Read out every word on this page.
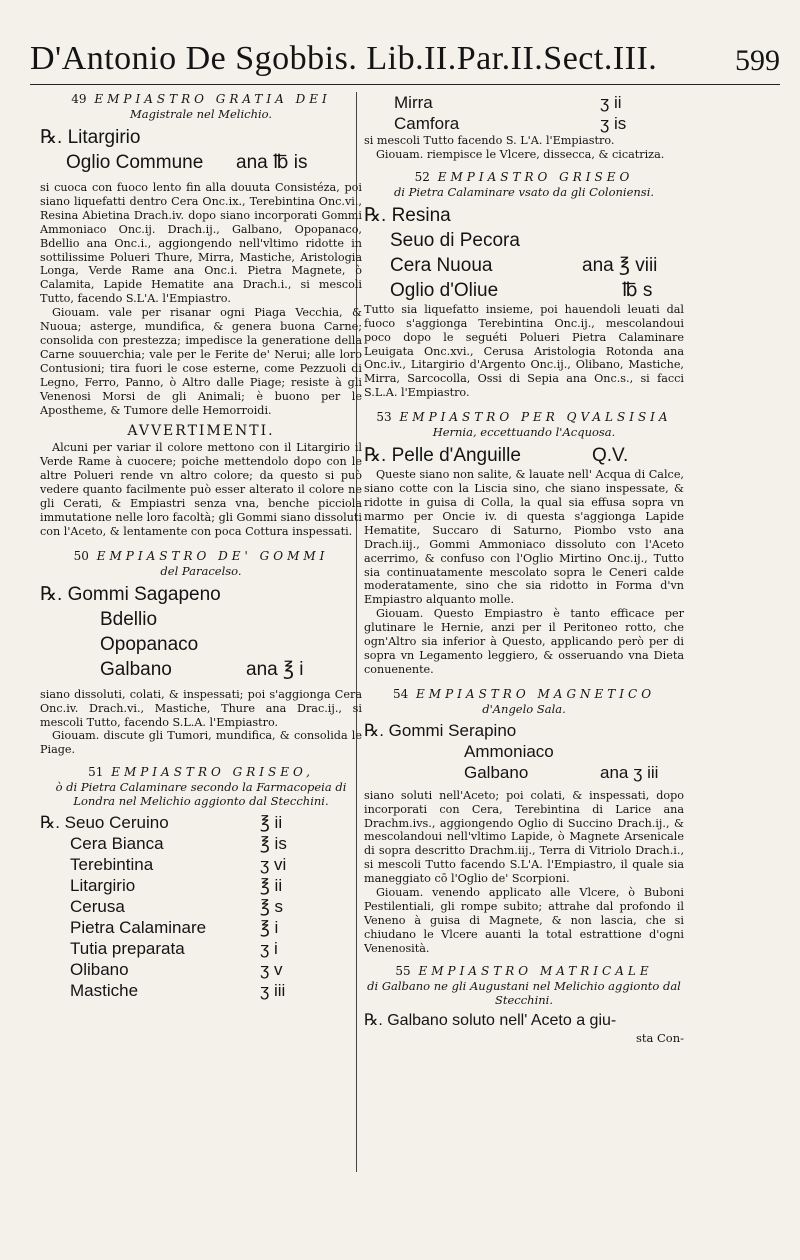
D'Antonio De Sgobbis. Lib.II.Par.II.Sect.III.	599
49 EMPIASTRO GRATIA DEI
Magistrale nel Melichio.
℞. Litargirio
Oglio Commune ana ℔ is

si cuoca con fuoco lento fin alla douuta Consistéza, poi siano liquefatti dentro Cera Onc.ix., Terebintina Onc.vi., Resina Abietina Drach.iv. dopo siano incorporati Gommi Ammoniaco Onc.ij. Drach.ij., Galbano, Opopanaco, Bdellio ana Onc.i., aggiongendo nell'vltimo ridotte in sottilissime Polueri Thure, Mirra, Mastiche, Aristologia Longa, Verde Rame ana Onc.i. Pietra Magnete, ò Calamita, Lapide Hematite ana Drach.i., si mescoli Tutto, facendo S.L'A. l'Empiastro.

Giouam. vale per risanar ogni Piaga Vecchia, & Nuoua; asterge, mundifica, & genera buona Carne; consolida con prestezza; impedisce la generatione della Carne souuerchia; vale per le Ferite de' Nerui; alle loro Contusioni; tira fuori le cose esterne, come Pezzuoli di Legno, Ferro, Panno, ò Altro dalle Piage; resiste à gli Venenosi Morsi de gli Animali; è buono per le Apostheme, & Tumore delle Hemorroidi.

AVVERTIMENTI.

Alcuni per variar il colore mettono con il Litargirio il Verde Rame à cuocere; poiche mettendolo dopo con le altre Polueri rende vn altro colore; da questo si può vedere quanto facilmente può esser alterato il colore ne gli Cerati, & Empiastri senza vna, benche picciola immutatione nelle loro facoltà; gli Gommi siano dissoluti con l'Aceto, & lentamente con poca Cottura inspessati.

50 EMPIASTRO DE' GOMMI
del Paracelso.
℞. Gommi Sagapeno
Bdellio
Opopanaco
Galbano	ana ℥ i

siano dissoluti, colati, & inspessati; poi s'aggionga Cera Onc.iv. Drach.vi., Mastiche, Thure ana Drac.ij., si mescoli Tutto, facendo S.L.A. l'Empiastro.

Giouam. discute gli Tumori, mundifica, & consolida le Piage.

51 EMPIASTRO GRISEO,
ò di Pietra Calaminare secondo la Farmacopeia di Londra nel Melichio aggionto dal Stecchini.
℞. Seuo Ceruino	℥ ii
Cera Bianca	℥ is
Terebintina	ʒ vi
Litargirio	℥ ii
Cerusa	℥ s
Pietra Calaminare	℥ i
Tutia preparata	ʒ i
Olibano	ʒ v
Mastiche	ʒ iii
Mirra	ʒ ii
Camfora	ʒ is

si mescoli Tutto facendo S. L'A. l'Empiastro.

Giouam. riempisce le Vlcere, dissecca, & cicatriza.

52 EMPIASTRO GRISEO
di Pietra Calaminare vsato da gli Coloniensi.
℞. Resina
Seuo di Pecora
Cera Nuoua	ana ℥ viii
Oglio d'Oliue	℔ s

Tutto sia liquefatto insieme, poi hauendoli leuati dal fuoco s'aggionga Terebintina Onc.ij., mescolandoui poco dopo le seguéti Polueri Pietra Calaminare Leuigata Onc.xvi., Cerusa Aristologia Rotonda ana Onc.iv., Litargirio d'Argento Onc.ij., Olibano, Mastiche, Mirra, Sarcocolla, Ossi di Sepia ana Onc.s., si facci S.L.A. l'Empiastro.

53 EMPIASTRO PER QVALSISIA
Hernia, eccettuando l'Acquosa.
℞. Pelle d'Anguille	Q.V.

Queste siano non salite, & lauate nell' Acqua di Calce, siano cotte con la Liscia sino, che siano inspessate, & ridotte in guisa di Colla, la qual sia effusa sopra vn marmo per Oncie iv. di questa s'aggionga Lapide Hematite, Succaro di Saturno, Piombo vsto ana Drach.iij., Gommi Ammoniaco dissoluto con l'Aceto acerrimo, & confuso con l'Oglio Mirtino Onc.ij., Tutto sia continuatamente mescolato sopra le Ceneri calde moderatamente, sino che sia ridotto in Forma d'vn Empiastro alquanto molle.

Giouam. Questo Empiastro è tanto efficace per glutinare le Hernie, anzi per il Peritoneo rotto, che ogn'Altro sia inferior à Questo, applicando però per di sopra vn Legamento leggiero, & osseruando vna Dieta conuenente.

54 EMPIASTRO MAGNETICO
d'Angelo Sala.
℞. Gommi Serapino
Ammoniaco
Galbano	ana ʒ iii

siano soluti nell'Aceto; poi colati, & inspessati, dopo incorporati con Cera, Terebintina di Larice ana Drachm.ivs., aggiongendo Oglio di Succino Drach.ij., & mescolandoui nell'vltimo Lapide, ò Magnete Arsenicale di sopra descritto Drachm.iij., Terra di Vitriolo Drach.i., si mescoli Tutto facendo S.L'A. l'Empiastro, il quale sia maneggiato cō l'Oglio de' Scorpioni.

Giouam. venendo applicato alle Vlcere, ò Buboni Pestilentiali, gli rompe subito; attrahe dal profondo il Veneno à guisa di Magnete, & non lascia, che si chiudano le Vlcere auanti la total estrattione d'ogni Venenosità.

55 EMPIASTRO MATRICALE
di Galbano ne gli Augustani nel Melichio aggionto dal Stecchini.
℞. Galbano soluto nell' Aceto a giu-
sta Con-
